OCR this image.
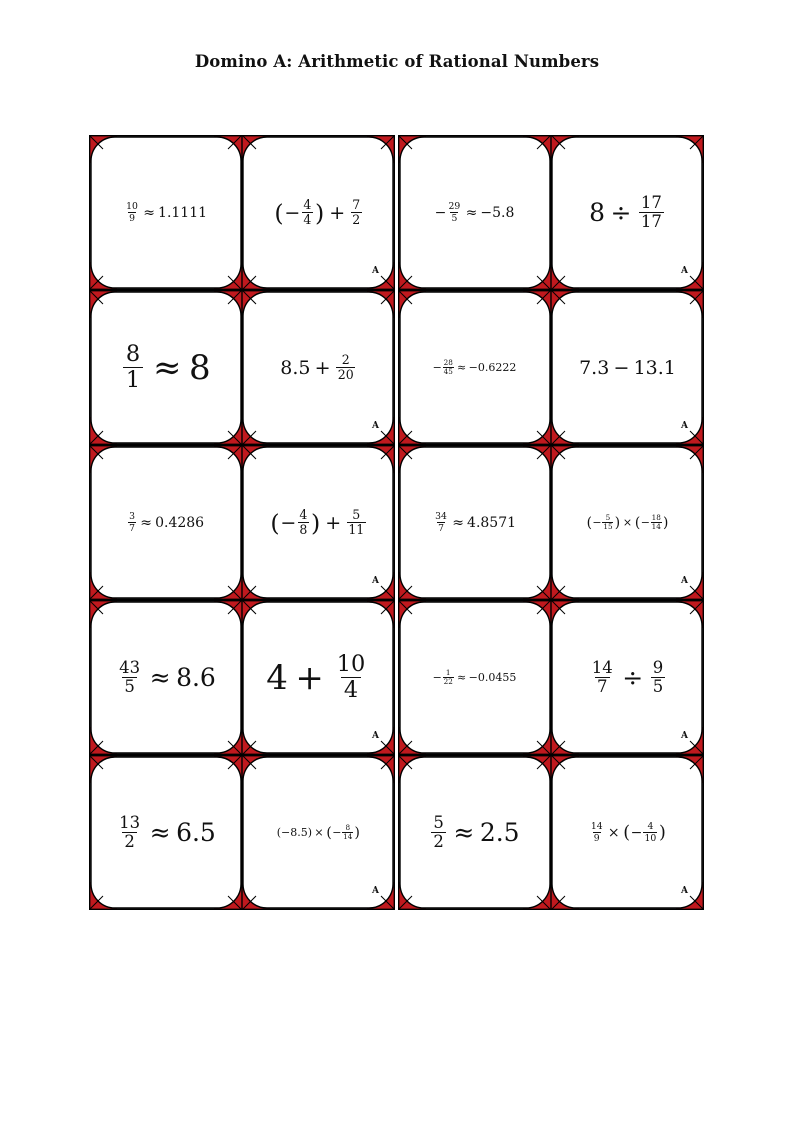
Domino A: Arithmetic of Rational Numbers
$\frac{10}{9} \approx 1.1111$	( − $\frac{4}{4}$ ) + $\frac{7}{2}$
A
− $\frac{29}{5} \approx -5.8$	$8 \div \frac{17}{17}$
A
$\frac{8}{1} \approx 8$	$8.5 + \frac{2}{20}$
A
− $\frac{28}{45} \approx -0.6222$	7.3 − 13.1
A
$\frac{3}{7} \approx 0.4286$	( − $\frac{4}{8}$ ) + $\frac{5}{11}$
A
$\frac{34}{7} \approx 4.8571$	( − $\frac{5}{15}$ ) × ( − $\frac{18}{14}$ )
A
$\frac{43}{5} \approx 8.6$ $4 + \frac{10}{4}$
A
− $\frac{1}{22} \approx -0.0455$	$\frac{14}{7} \div \frac{9}{5}$
A
$\frac{13}{2} \approx 6.5$	(−8.5) × ( − $\frac{8}{14}$ )
A
$\frac{5}{2} \approx 2.5$	$\frac{14}{9}$ × ( − $\frac{4}{10}$ )
A
